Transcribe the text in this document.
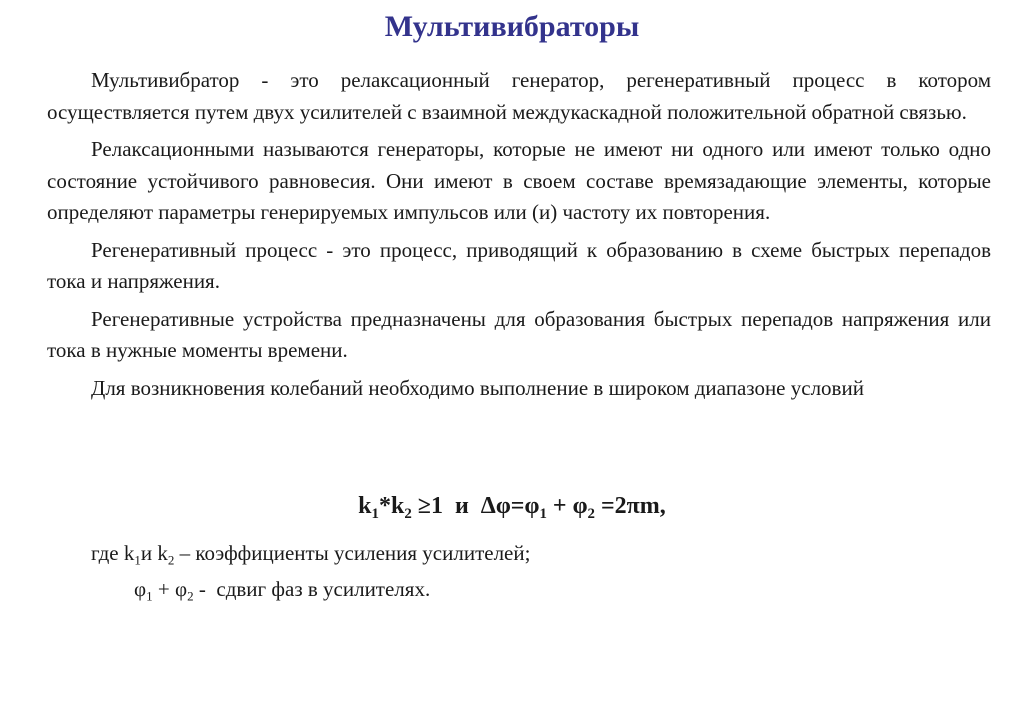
Мультивибраторы

Мультивибратор - это релаксационный генератор, регенеративный процесс в котором осуществляется путем двух усилителей с взаимной междукаскадной положительной обратной связью.

Релаксационными называются генераторы, которые не имеют ни одного или имеют только одно состояние устойчивого равновесия. Они имеют в своем составе времязадающие элементы, которые определяют параметры генерируемых импульсов или (и) частоту их повторения.

Регенеративный процесс - это процесс, приводящий к образованию в схеме быстрых перепадов тока и напряжения.

Регенеративные устройства предназначены для образования быстрых перепадов напряжения или тока в нужные моменты времени.

Для возникновения колебаний необходимо выполнение в широком диапазоне условий

$k_1*k_2 \ge 1$  и  $\Delta\varphi=\varphi_1 + \varphi_2 =2\pi m$,
где $k_1и$ $k_2$ – коэффициенты усиления усилителей;
$\varphi_1 + \varphi_2$ -  сдвиг фаз в усилителях.
